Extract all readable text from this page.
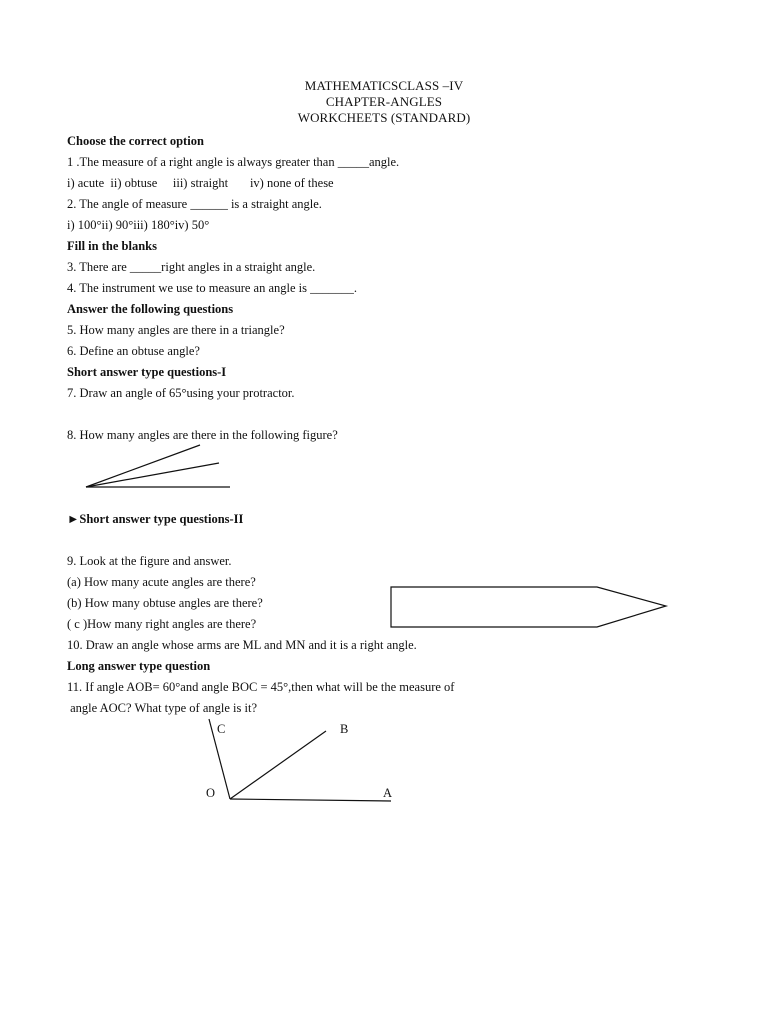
MATHEMATICSCLASS –IV
CHAPTER-ANGLES
WORKCHEETS (STANDARD)
Choose the correct option
1 .The measure of a right angle is always greater than _____angle.
i) acute  ii) obtuse     iii) straight       iv) none of these
2. The angle of measure ______ is a straight angle.
i) 100°ii) 90°iii) 180°iv) 50°
Fill in the blanks
3. There are _____right angles in a straight angle.
4. The instrument we use to measure an angle is _______.
Answer the following questions
5. How many angles are there in a triangle?
6. Define an obtuse angle?
Short answer type questions-I
7. Draw an angle of 65°using your protractor.
8. How many angles are there in the following figure?
►Short answer type questions-II
9. Look at the figure and answer.
(a) How many acute angles are there?
(b) How many obtuse angles are there?
( c )How many right angles are there?
10. Draw an angle whose arms are ML and MN and it is a right angle.
Long answer type question
11. If angle AOB= 60°and angle BOC = 45°,then what will be the measure of
angle AOC? What type of angle is it?
C	B
O	A
